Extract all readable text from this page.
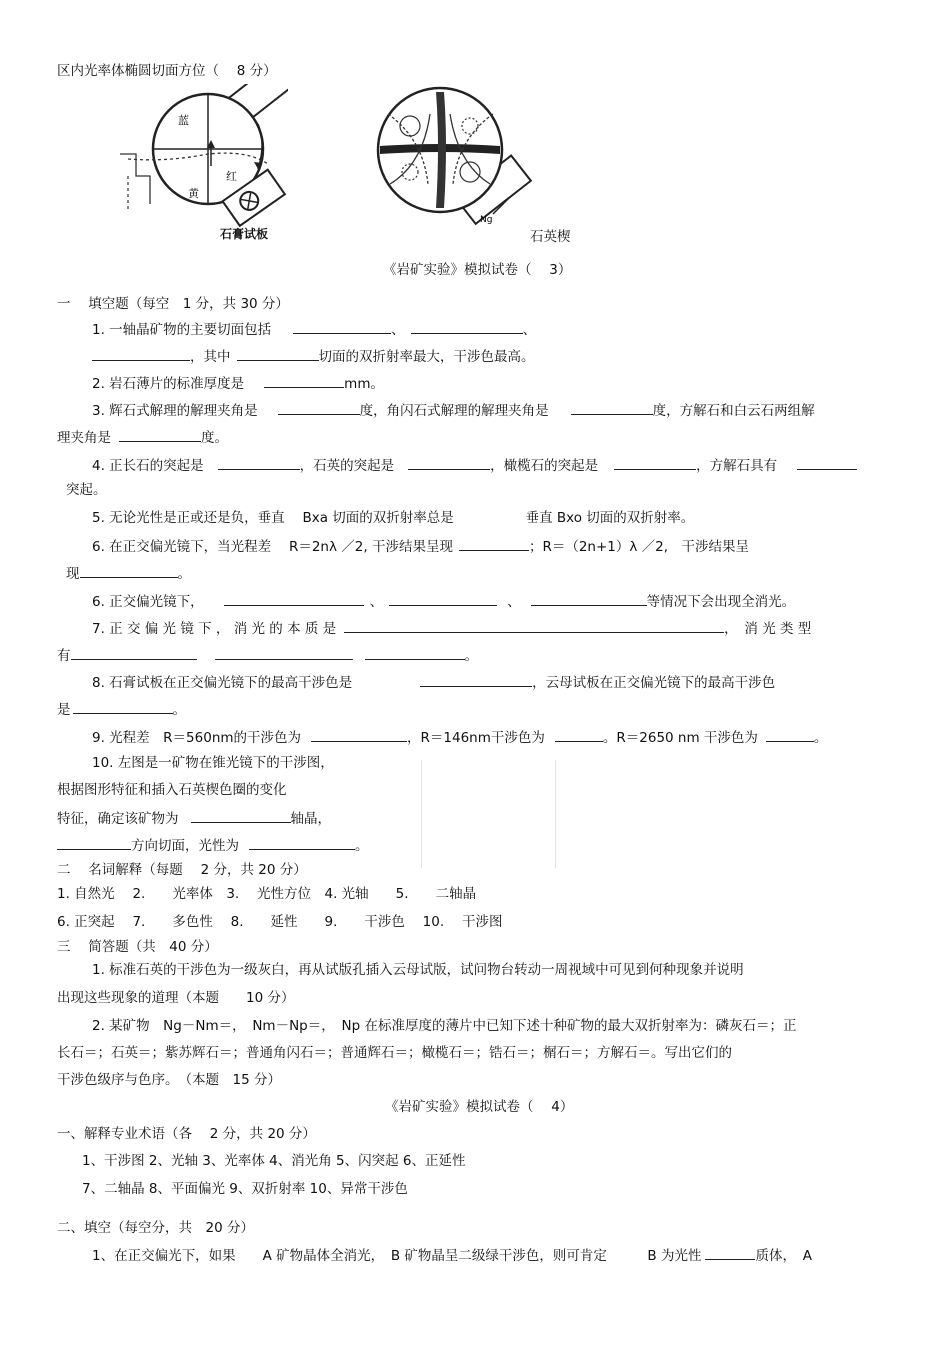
区内光率体椭圆切面方位（　 8 分）
蓝
红
黄
石膏试板
Ng
石英楔
《岩矿实验》模拟试卷（　 3）
一　 填空题（每空　1 分，共 30 分）
1. 一轴晶矿物的主要切面包括	、	、
，其中	切面的双折射率最大，干涉色最高。
2. 岩石薄片的标准厚度是	mm。
3. 辉石式解理的解理夹角是	度，角闪石式解理的解理夹角是	度，方解石和白云石两组解
理夹角是	度。
4. 正长石的突起是	，石英的突起是	，橄榄石的突起是	，方解石具有
突起。
5. 无论光性是正或还是负，垂直　 Bxa 切面的双折射率总是　　　　　 垂直 Bxo 切面的双折射率。
6. 在正交偏光镜下，当光程差　 R＝2nλ ／2, 干涉结果呈现	；R＝（2n+1）λ ／2,　干涉结果呈
现	。
6. 正交偏光镜下，	、	、	等情况下会出现全消光。
7. 正 交 偏 光 镜 下 ， 消 光 的 本 质 是	，　消 光 类 型
有	。
8. 石膏试板在正交偏光镜下的最高干涉色是	，云母试板在正交偏光镜下的最高干涉色
是	。
9. 光程差　R＝560nm的干涉色为	，R＝146nm干涉色为	。R＝2650 nm 干涉色为	。
10. 左图是一矿物在锥光镜下的干涉图，
根据图形特征和插入石英楔色圈的变化
特征，确定该矿物为	轴晶，
方向切面，光性为	。
二　 名词解释（每题　 2 分，共 20 分）
1. 自然光　 2.　　光率体　3.　 光性方位　4. 光轴　　5.　　二轴晶
6. 正突起　 7.　　多色性　 8.　　延性　　9.　　干涉色　 10.　 干涉图
三　 简答题（共　40 分）
1. 标准石英的干涉色为一级灰白，再从试版孔插入云母试版，试问物台转动一周视域中可见到何种现象并说明
出现这些现象的道理（本题　　10 分）
2. 某矿物　Ng－Nm＝，　Nm－Np＝，　Np 在标准厚度的薄片中已知下述十种矿物的最大双折射率为：磷灰石＝；正
长石＝；石英＝；紫苏辉石＝；普通角闪石＝；普通辉石＝；橄榄石＝；锆石＝；榍石＝；方解石＝。写出它们的
干涉色级序与色序。　（本题　15 分）
《岩矿实验》模拟试卷（　 4）
一、解释专业术语（各　 2 分，共 20 分）
1、干涉图 2、光轴 3、光率体 4、消光角 5、闪突起 6、正延性
7、二轴晶 8、平面偏光 9、双折射率 10、异常干涉色
二、填空（每空分，共　20 分）
1、在正交偏光下，如果　　A 矿物晶体全消光，　B 矿物晶呈二级绿干涉色，则可肯定　　　B 为光性	质体，　A
